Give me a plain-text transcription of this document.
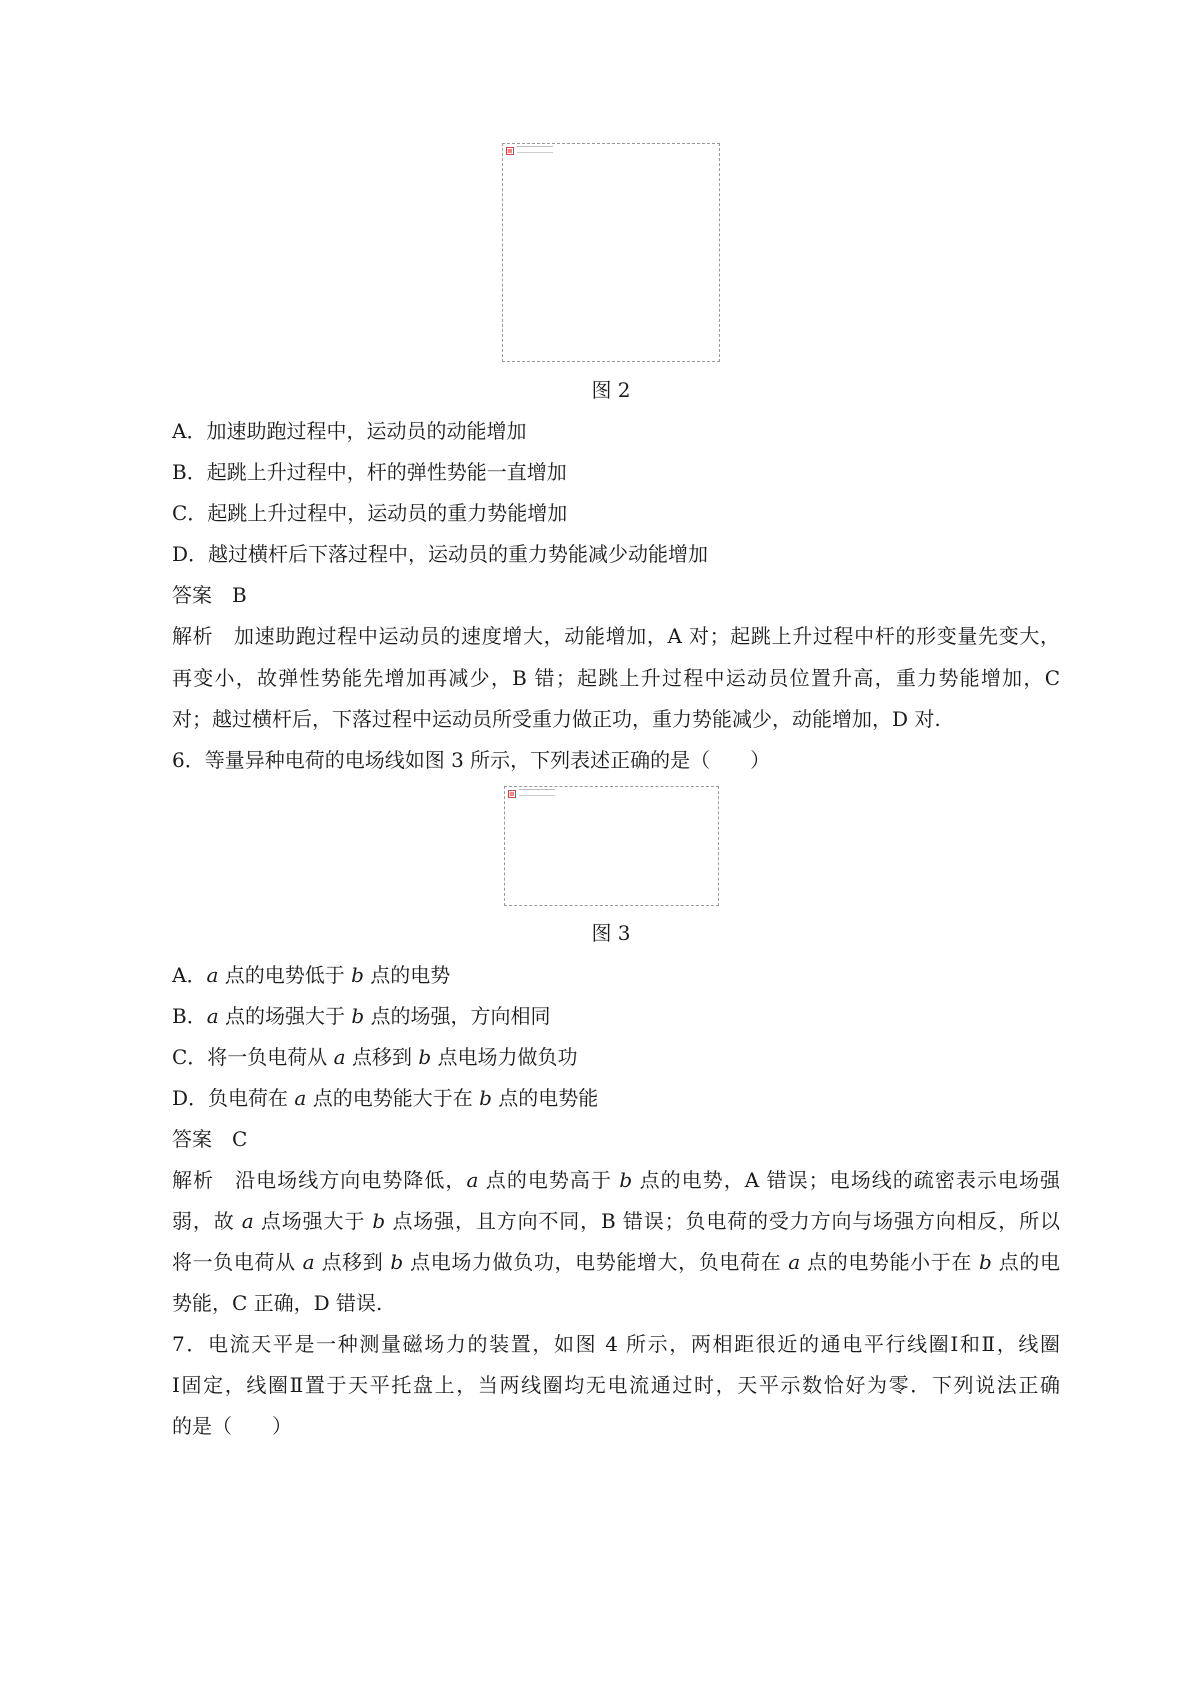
图 2
A．加速助跑过程中，运动员的动能增加
B．起跳上升过程中，杆的弹性势能一直增加
C．起跳上升过程中，运动员的重力势能增加
D．越过横杆后下落过程中，运动员的重力势能减少动能增加
答案　B
解析　加速助跑过程中运动员的速度增大，动能增加，A 对；起跳上升过程中杆的形变量先变大，
再变小，故弹性势能先增加再减少，B 错；起跳上升过程中运动员位置升高，重力势能增加，C
对；越过横杆后，下落过程中运动员所受重力做正功，重力势能减少，动能增加，D 对.
6．等量异种电荷的电场线如图 3 所示，下列表述正确的是（　　）
图 3
A．a 点的电势低于 b 点的电势
B．a 点的场强大于 b 点的场强，方向相同
C．将一负电荷从 a 点移到 b 点电场力做负功
D．负电荷在 a 点的电势能大于在 b 点的电势能
答案　C
解析　沿电场线方向电势降低，a 点的电势高于 b 点的电势，A 错误；电场线的疏密表示电场强
弱，故 a 点场强大于 b 点场强，且方向不同，B 错误；负电荷的受力方向与场强方向相反，所以
将一负电荷从 a 点移到 b 点电场力做负功，电势能增大，负电荷在 a 点的电势能小于在 b 点的电
势能，C 正确，D 错误.
7．电流天平是一种测量磁场力的装置，如图 4 所示，两相距很近的通电平行线圈Ⅰ和Ⅱ，线圈
Ⅰ固定，线圈Ⅱ置于天平托盘上，当两线圈均无电流通过时，天平示数恰好为零．下列说法正确
的是（　　）
